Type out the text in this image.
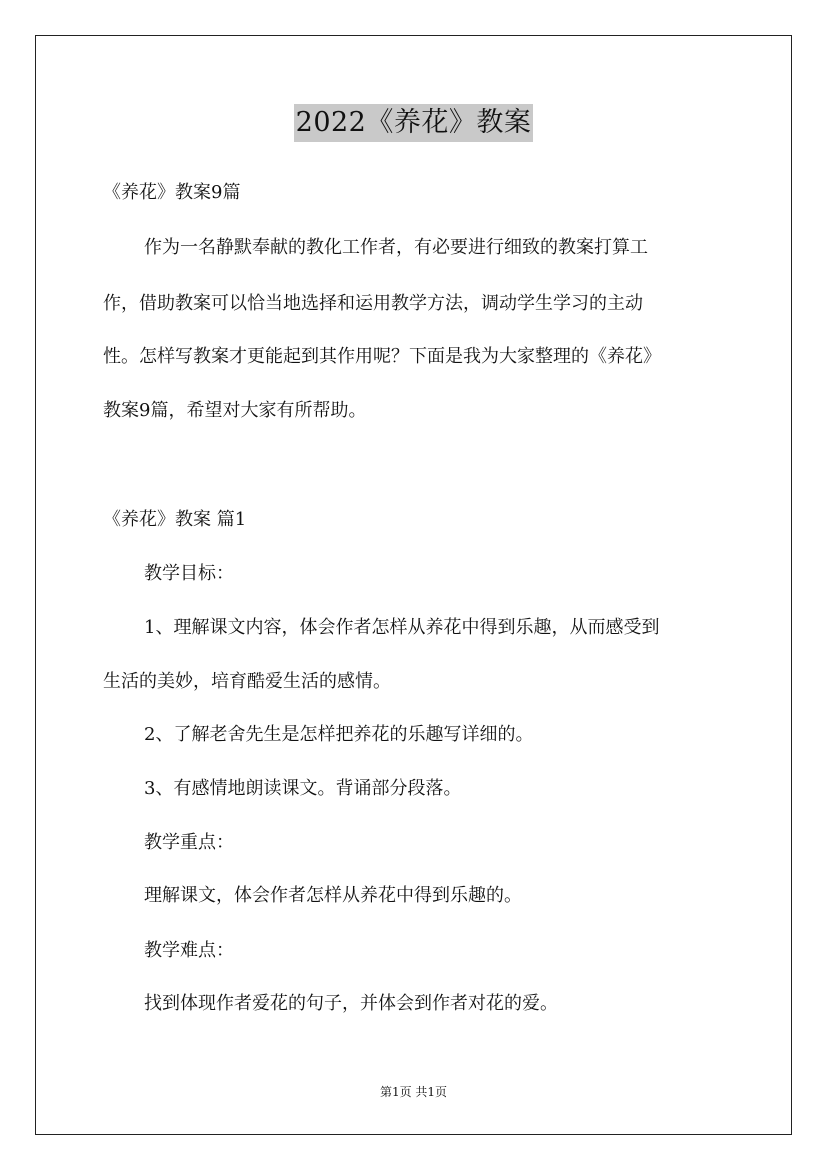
2022《养花》教案
《养花》教案9篇
作为一名静默奉献的教化工作者，有必要进行细致的教案打算工
作，借助教案可以恰当地选择和运用教学方法，调动学生学习的主动
性。怎样写教案才更能起到其作用呢？下面是我为大家整理的《养花》
教案9篇，希望对大家有所帮助。
《养花》教案 篇1
教学目标：
1、理解课文内容，体会作者怎样从养花中得到乐趣，从而感受到
生活的美妙，培育酷爱生活的感情。
2、了解老舍先生是怎样把养花的乐趣写详细的。
3、有感情地朗读课文。背诵部分段落。
教学重点：
理解课文，体会作者怎样从养花中得到乐趣的。
教学难点：
找到体现作者爱花的句子，并体会到作者对花的爱。
第1页 共1页
